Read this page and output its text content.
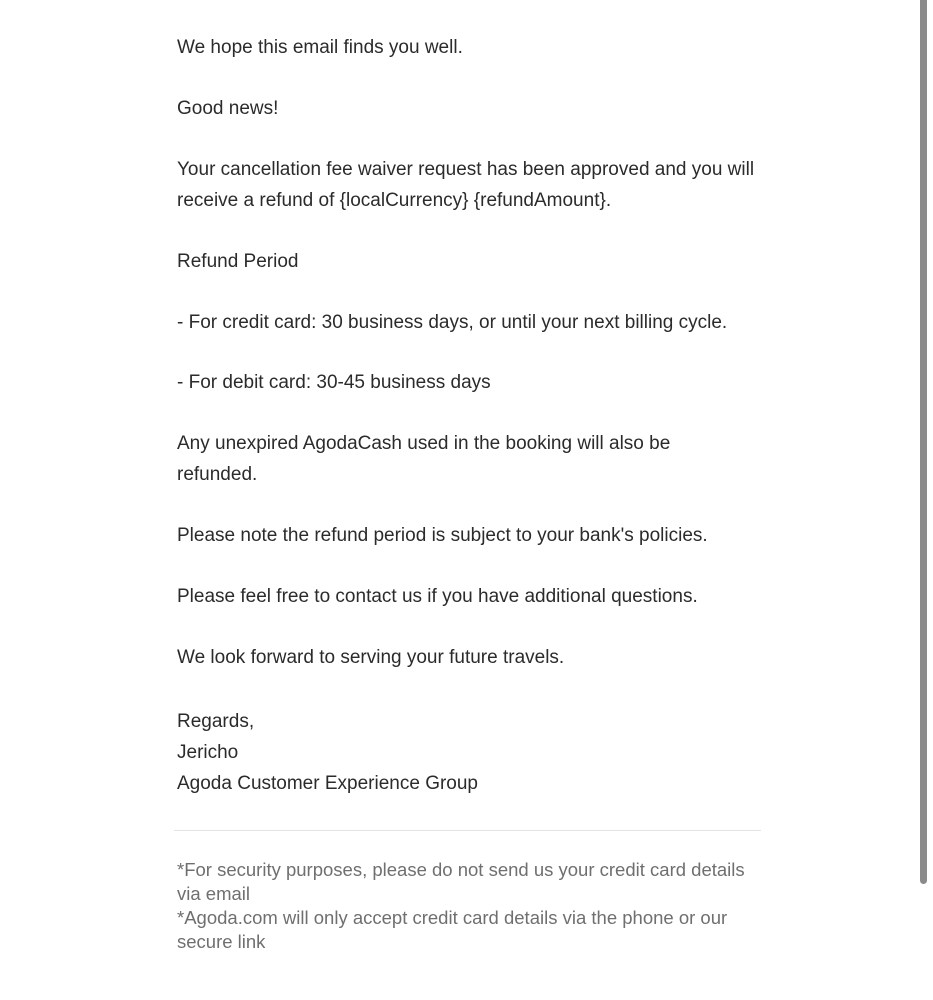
We hope this email finds you well.
Good news!
Your cancellation fee waiver request has been approved and you will receive a refund of {localCurrency} {refundAmount}.
Refund Period
- For credit card: 30 business days, or until your next billing cycle.
- For debit card: 30-45 business days
Any unexpired AgodaCash used in the booking will also be refunded.
Please note the refund period is subject to your bank's policies.
Please feel free to contact us if you have additional questions.
We look forward to serving your future travels.
Regards,
Jericho
Agoda Customer Experience Group
*For security purposes, please do not send us your credit card details via email
*Agoda.com will only accept credit card details via the phone or our secure link
